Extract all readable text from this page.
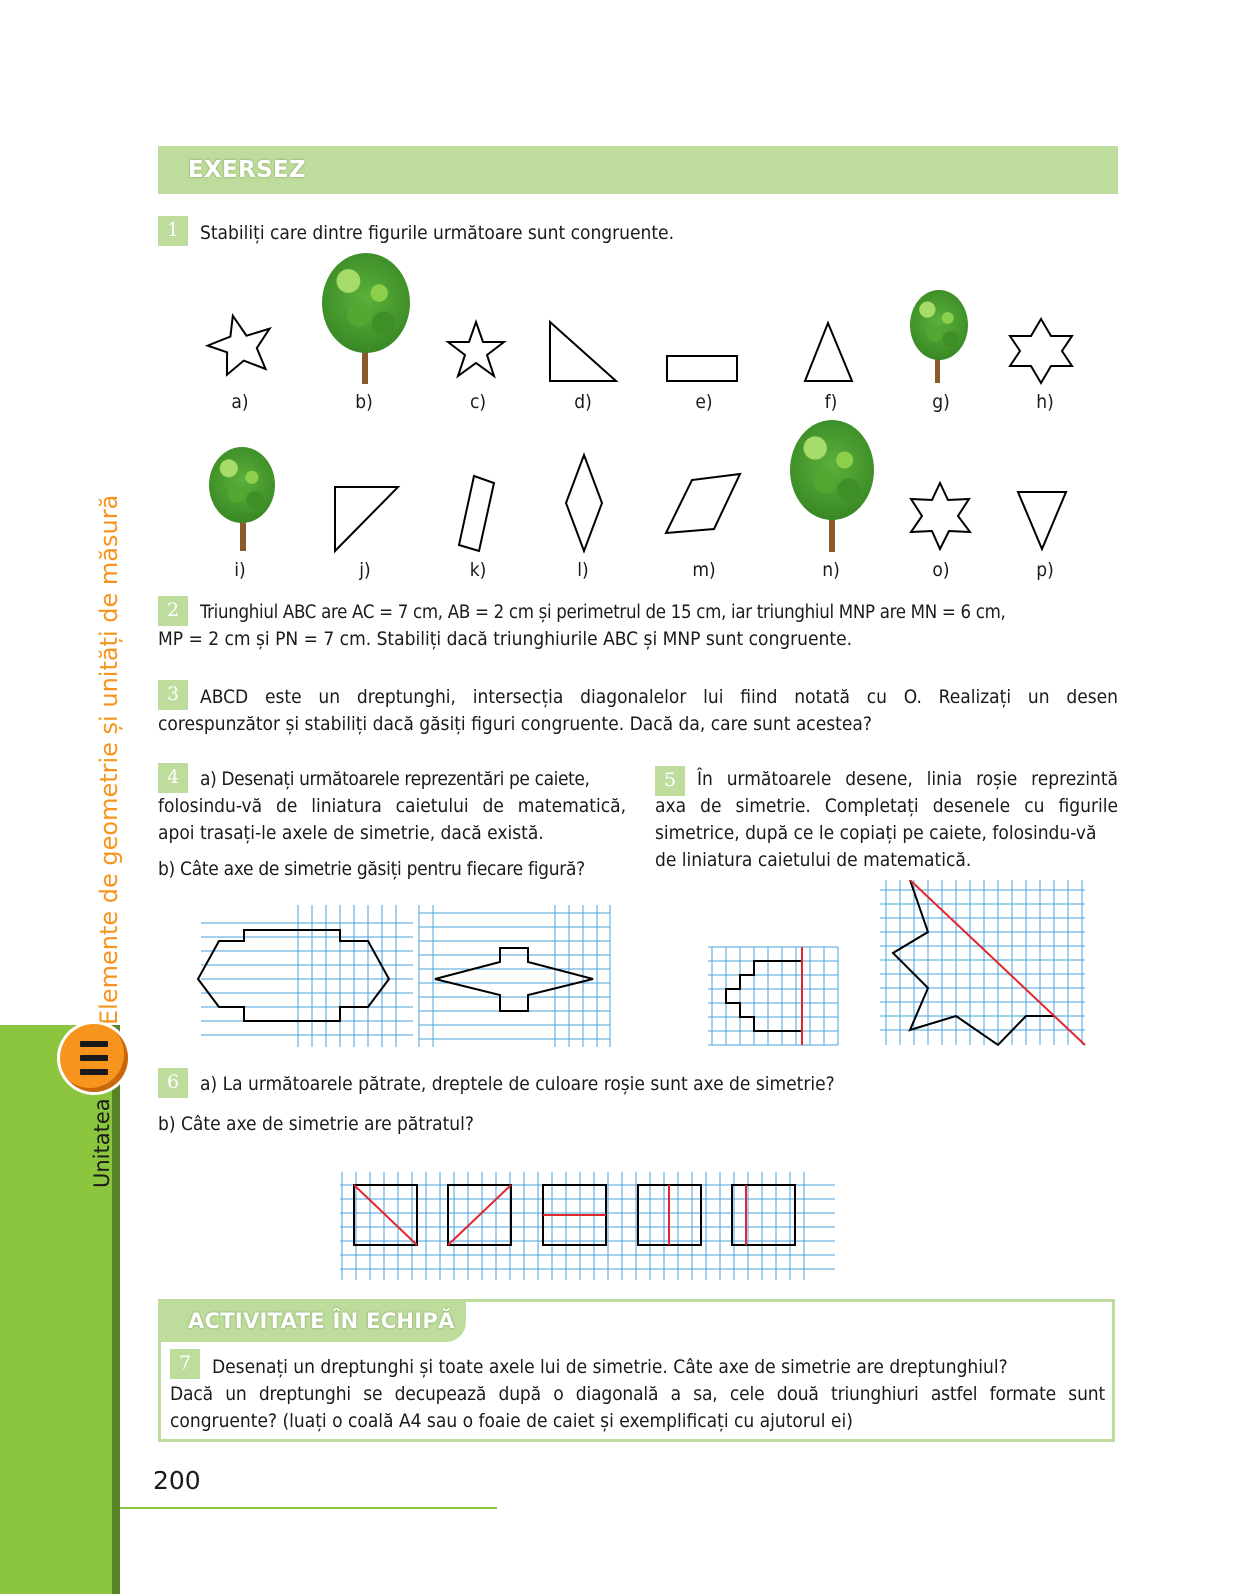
EXERSEZ
1	Stabiliți care dintre figurile următoare sunt congruente.
a)	b)	c)	d)	e)	f)	g)	h)
i)	j)	k)	l)	m)	n)	o)	p)
2	Triunghiul ABC are AC = 7 cm, AB = 2 cm și perimetrul de 15 cm, iar triunghiul MNP are MN = 6 cm,
MP = 2 cm și PN = 7 cm. Stabiliți dacă triunghiurile ABC și MNP sunt congruente.
3	ABCD este un dreptunghi, intersecția diagonalelor lui fiind notată cu O. Realizați un desen
corespunzător și stabiliți dacă găsiți figuri congruente. Dacă da, care sunt acestea?
4	a) Desenați următoarele reprezentări pe caiete,
folosindu-vă de liniatura caietului de matematică,
apoi trasați-le axele de simetrie, dacă există.
b) Câte axe de simetrie găsiți pentru fiecare figură?
5	În următoarele desene, linia roșie reprezintă
axa de simetrie. Completați desenele cu figurile
simetrice, după ce le copiați pe caiete, folosindu-vă
de liniatura caietului de matematică.
6	a) La următoarele pătrate, dreptele de culoare roșie sunt axe de simetrie?
b) Câte axe de simetrie are pătratul?
ACTIVITATE ÎN ECHIPĂ
7	Desenați un dreptunghi și toate axele lui de simetrie. Câte axe de simetrie are dreptunghiul?
Dacă un dreptunghi se decupează după o diagonală a sa, cele două triunghiuri astfel formate sunt
congruente? (luați o coală A4 sau o foaie de caiet și exemplificați cu ajutorul ei)
200
Elemente de geometrie și unități de măsură
Unitatea
